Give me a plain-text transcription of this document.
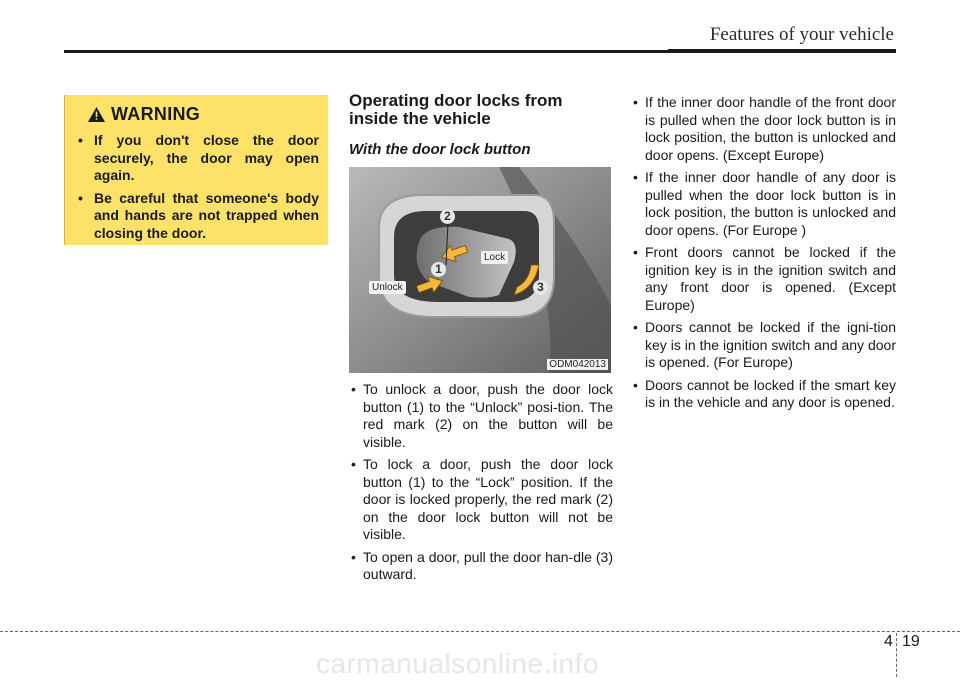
Features of your vehicle
WARNING
• If you don't close the door securely, the door may open again.
• Be careful that someone's body and hands are not trapped when closing the door.
Operating door locks from inside the vehicle
With the door lock button
2
1
3
Lock
Unlock
ODM042013
• To unlock a door, push the door lock button (1) to the “Unlock” posi-tion. The red mark (2) on the button will be visible.
• To lock a door, push the door lock button (1) to the “Lock” position. If the door is locked properly, the red mark (2) on the door lock button will not be visible.
• To open a door, pull the door han-dle (3) outward.
• If the inner door handle of the front door is pulled when the door lock button is in lock position, the button is unlocked and door opens. (Except Europe)
• If the inner door handle of any door is pulled when the door lock button is in lock position, the button is unlocked and door opens. (For Europe )
• Front doors cannot be locked if the ignition key is in the ignition switch and any front door is opened. (Except Europe)
• Doors cannot be locked if the igni-tion key is in the ignition switch and any door is opened. (For Europe)
• Doors cannot be locked if the smart key is in the vehicle and any door is opened.
4 19
carmanualsonline.info
